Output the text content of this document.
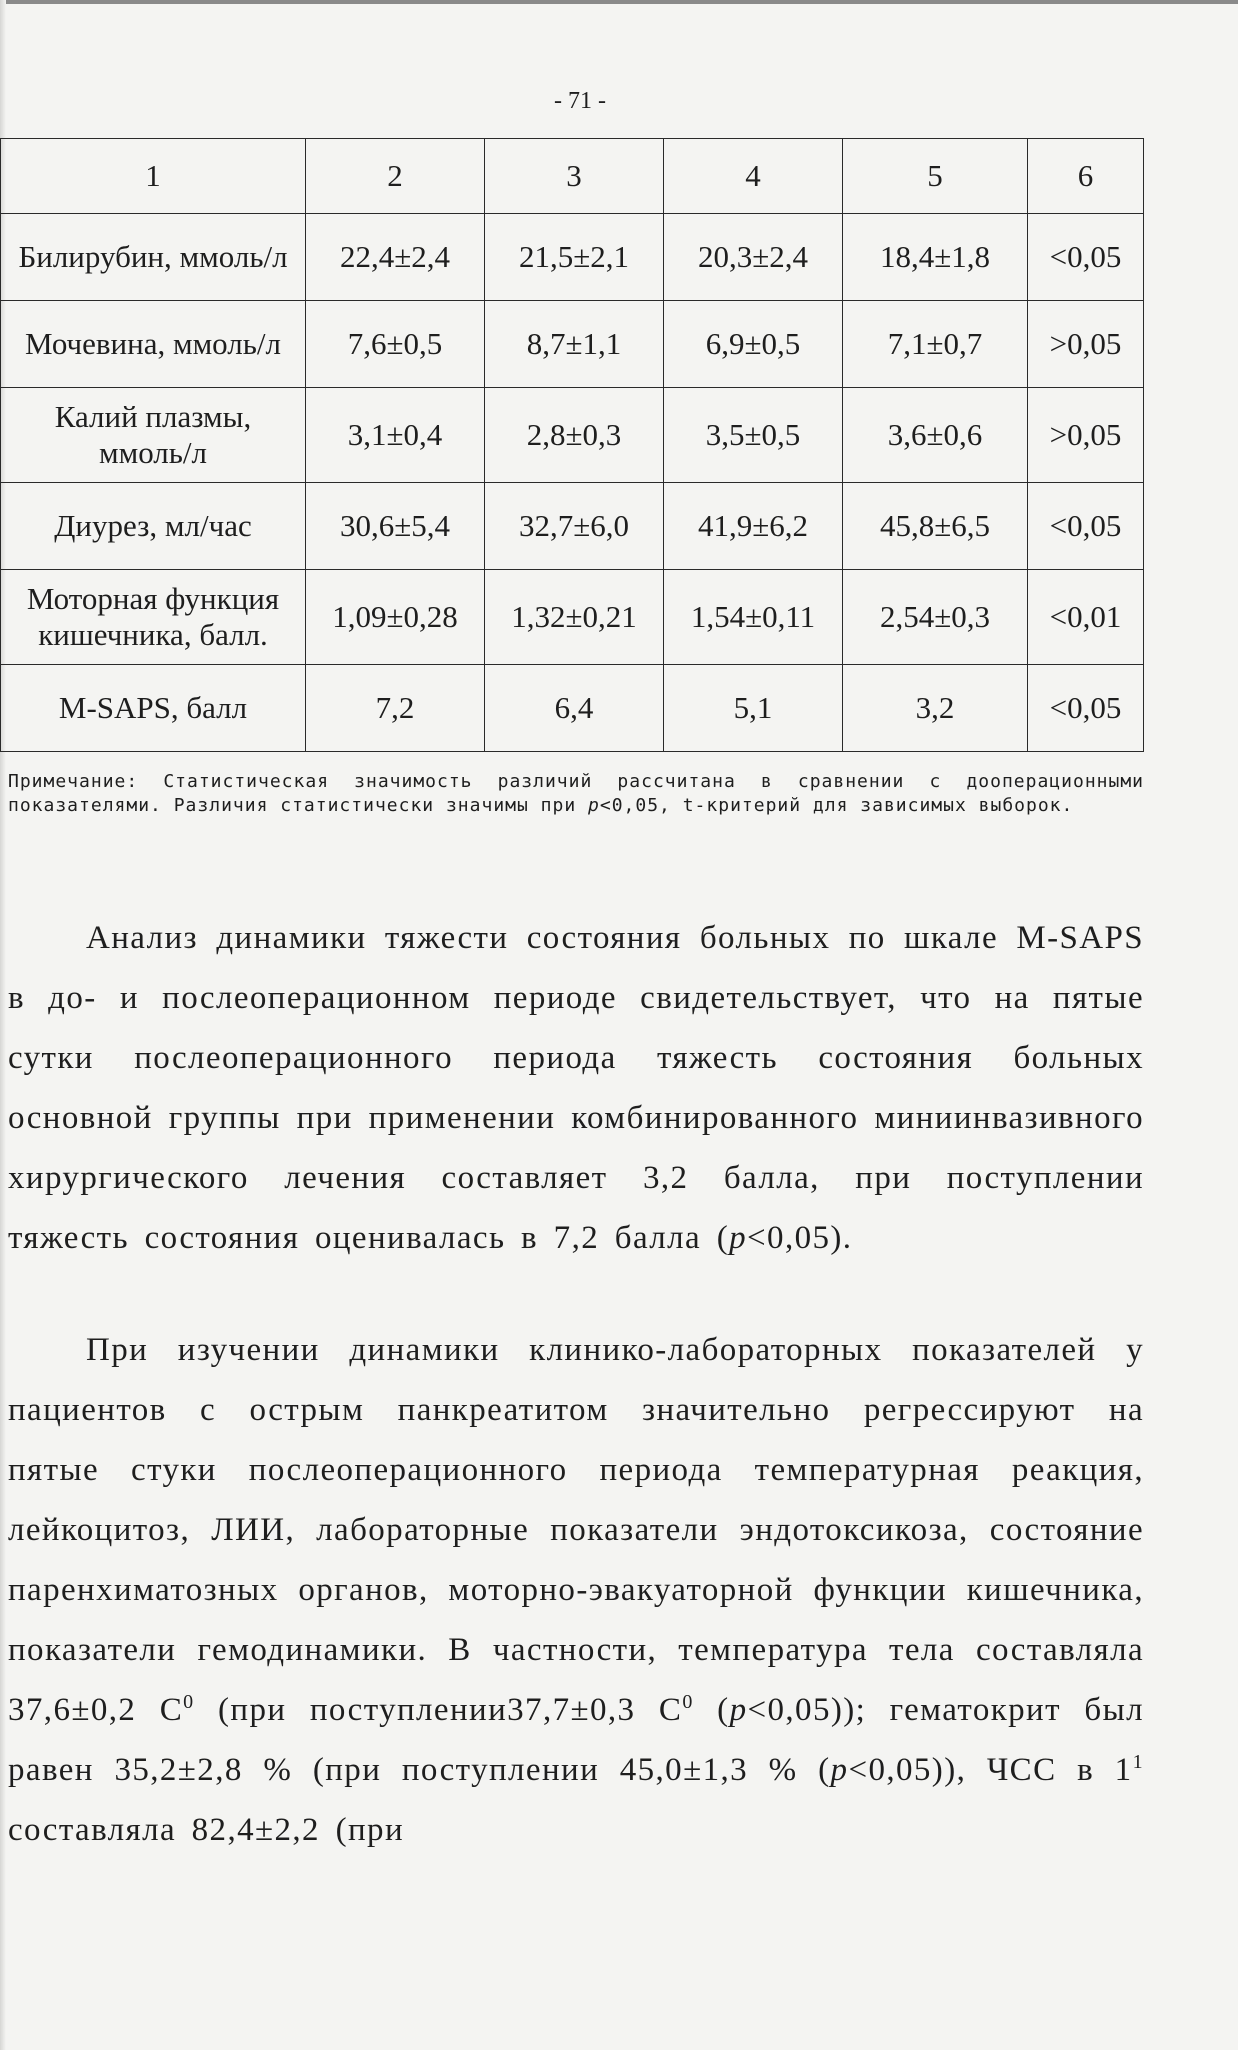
- 71 -
1	2	3	4	5	6
Билирубин, ммоль/л	22,4±2,4	21,5±2,1	20,3±2,4	18,4±1,8	<0,05
Мочевина, ммоль/л	7,6±0,5	8,7±1,1	6,9±0,5	7,1±0,7	>0,05
Калий плазмы,
ммоль/л	3,1±0,4	2,8±0,3	3,5±0,5	3,6±0,6	>0,05
Диурез, мл/час	30,6±5,4	32,7±6,0	41,9±6,2	45,8±6,5	<0,05
Моторная функция
кишечника, балл.	1,09±0,28	1,32±0,21	1,54±0,11	2,54±0,3	<0,01
M-SAPS, балл	7,2	6,4	5,1	3,2	<0,05
Примечание: Статистическая значимость различий рассчитана в сравнении с дооперационными показателями. Различия статистически значимы при p<0,05, t-критерий для зависимых выборок.
Анализ динамики тяжести состояния больных по шкале M-SAPS в до- и послеоперационном периоде свидетельствует, что на пятые сутки послеоперационного периода тяжесть состояния больных основной группы при применении комбинированного миниинвазивного хирургического лечения составляет 3,2 балла, при поступлении тяжесть состояния оценивалась в 7,2 балла (p<0,05).
При изучении динамики клинико-лабораторных показателей у пациентов с острым панкреатитом значительно регрессируют на пятые стуки послеоперационного периода температурная реакция, лейкоцитоз, ЛИИ, лабораторные показатели эндотоксикоза, состояние паренхиматозных органов, моторно-эвакуаторной функции кишечника, показатели гемодинамики. В частности, температура тела составляла 37,6±0,2 $С^0$ (при поступлении37,7±0,3 $С^0$ (p<0,05)); гематокрит был равен 35,2±2,8 % (при поступлении 45,0±1,3 % (p<0,05)), ЧСС в $1^1$ составляла 82,4±2,2 (при
